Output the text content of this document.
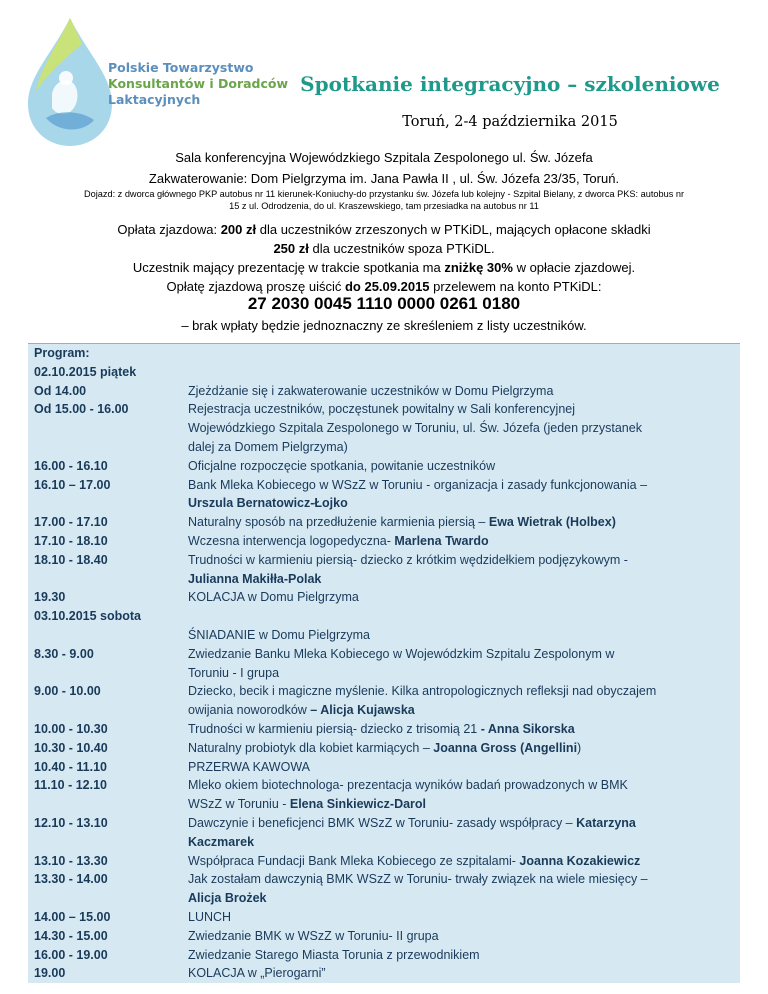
Polskie Towarzystwo
Konsultantów i Doradców
Laktacyjnych
Spotkanie integracyjno – szkoleniowe
Toruń, 2-4 października 2015
Sala konferencyjna Wojewódzkiego Szpitala Zespolonego ul. Św. Józefa
Zakwaterowanie: Dom Pielgrzyma im. Jana Pawła II , ul. Św. Józefa 23/35, Toruń.
Dojazd: z dworca głównego PKP autobus nr 11 kierunek-Koniuchy-do przystanku św. Józefa lub kolejny - Szpital Bielany, z dworca PKS: autobus nr
15 z ul. Odrodzenia, do ul. Kraszewskiego, tam przesiadka na autobus nr 11
Opłata zjazdowa: 200 zł dla uczestników zrzeszonych w PTKiDL, mających opłacone składki
250 zł dla uczestników spoza PTKiDL.
Uczestnik mający prezentację w trakcie spotkania ma zniżkę 30% w opłacie zjazdowej.
Opłatę zjazdową proszę uiścić do 25.09.2015 przelewem na konto PTKiDL:
27 2030 0045 1110 0000 0261 0180
– brak wpłaty będzie jednoznaczny ze skreśleniem z listy uczestników.
Program:
02.10.2015 piątek
Od 14.00	Zjeżdżanie się i zakwaterowanie uczestników w Domu Pielgrzyma
Od 15.00 - 16.00	Rejestracja uczestników, poczęstunek powitalny w Sali konferencyjnej
Wojewódzkiego Szpitala Zespolonego w Toruniu, ul. Św. Józefa (jeden przystanek
dalej za Domem Pielgrzyma)
16.00 - 16.10	Oficjalne rozpoczęcie spotkania, powitanie uczestników
16.10 – 17.00	Bank Mleka Kobiecego w WSzZ w Toruniu - organizacja i zasady funkcjonowania –
Urszula Bernatowicz-Łojko
17.00 - 17.10	Naturalny sposób na przedłużenie karmienia piersią – Ewa Wietrak (Holbex)
17.10 - 18.10	Wczesna interwencja logopedyczna- Marlena Twardo
18.10 - 18.40	Trudności w karmieniu piersią- dziecko z krótkim wędzidełkiem podjęzykowym -
Julianna Makiłła-Polak
19.30	KOLACJA w Domu Pielgrzyma
03.10.2015 sobota
ŚNIADANIE w Domu Pielgrzyma
8.30 - 9.00	Zwiedzanie Banku Mleka Kobiecego w Wojewódzkim Szpitalu Zespolonym w
Toruniu - I grupa
9.00 - 10.00	Dziecko, becik i magiczne myślenie. Kilka antropologicznych refleksji nad obyczajem
owijania noworodków – Alicja Kujawska
10.00 - 10.30	Trudności w karmieniu piersią- dziecko z trisomią 21 - Anna Sikorska
10.30 - 10.40	Naturalny probiotyk dla kobiet karmiących – Joanna Gross (Angellini)
10.40 - 11.10	PRZERWA KAWOWA
11.10 - 12.10	Mleko okiem biotechnologa- prezentacja wyników badań prowadzonych w BMK
WSzZ w Toruniu - Elena Sinkiewicz-Darol
12.10 - 13.10	Dawczynie i beneficjenci BMK WSzZ w Toruniu- zasady współpracy – Katarzyna
Kaczmarek
13.10 - 13.30	Współpraca Fundacji Bank Mleka Kobiecego ze szpitalami- Joanna Kozakiewicz
13.30 - 14.00	Jak zostałam dawczynią BMK WSzZ w Toruniu- trwały związek na wiele miesięcy –
Alicja Brożek
14.00 – 15.00	LUNCH
14.30 - 15.00	Zwiedzanie BMK w WSzZ w Toruniu- II grupa
16.00 - 19.00	Zwiedzanie Starego Miasta Torunia z przewodnikiem
19.00	KOLACJA w „Pierogarni”
